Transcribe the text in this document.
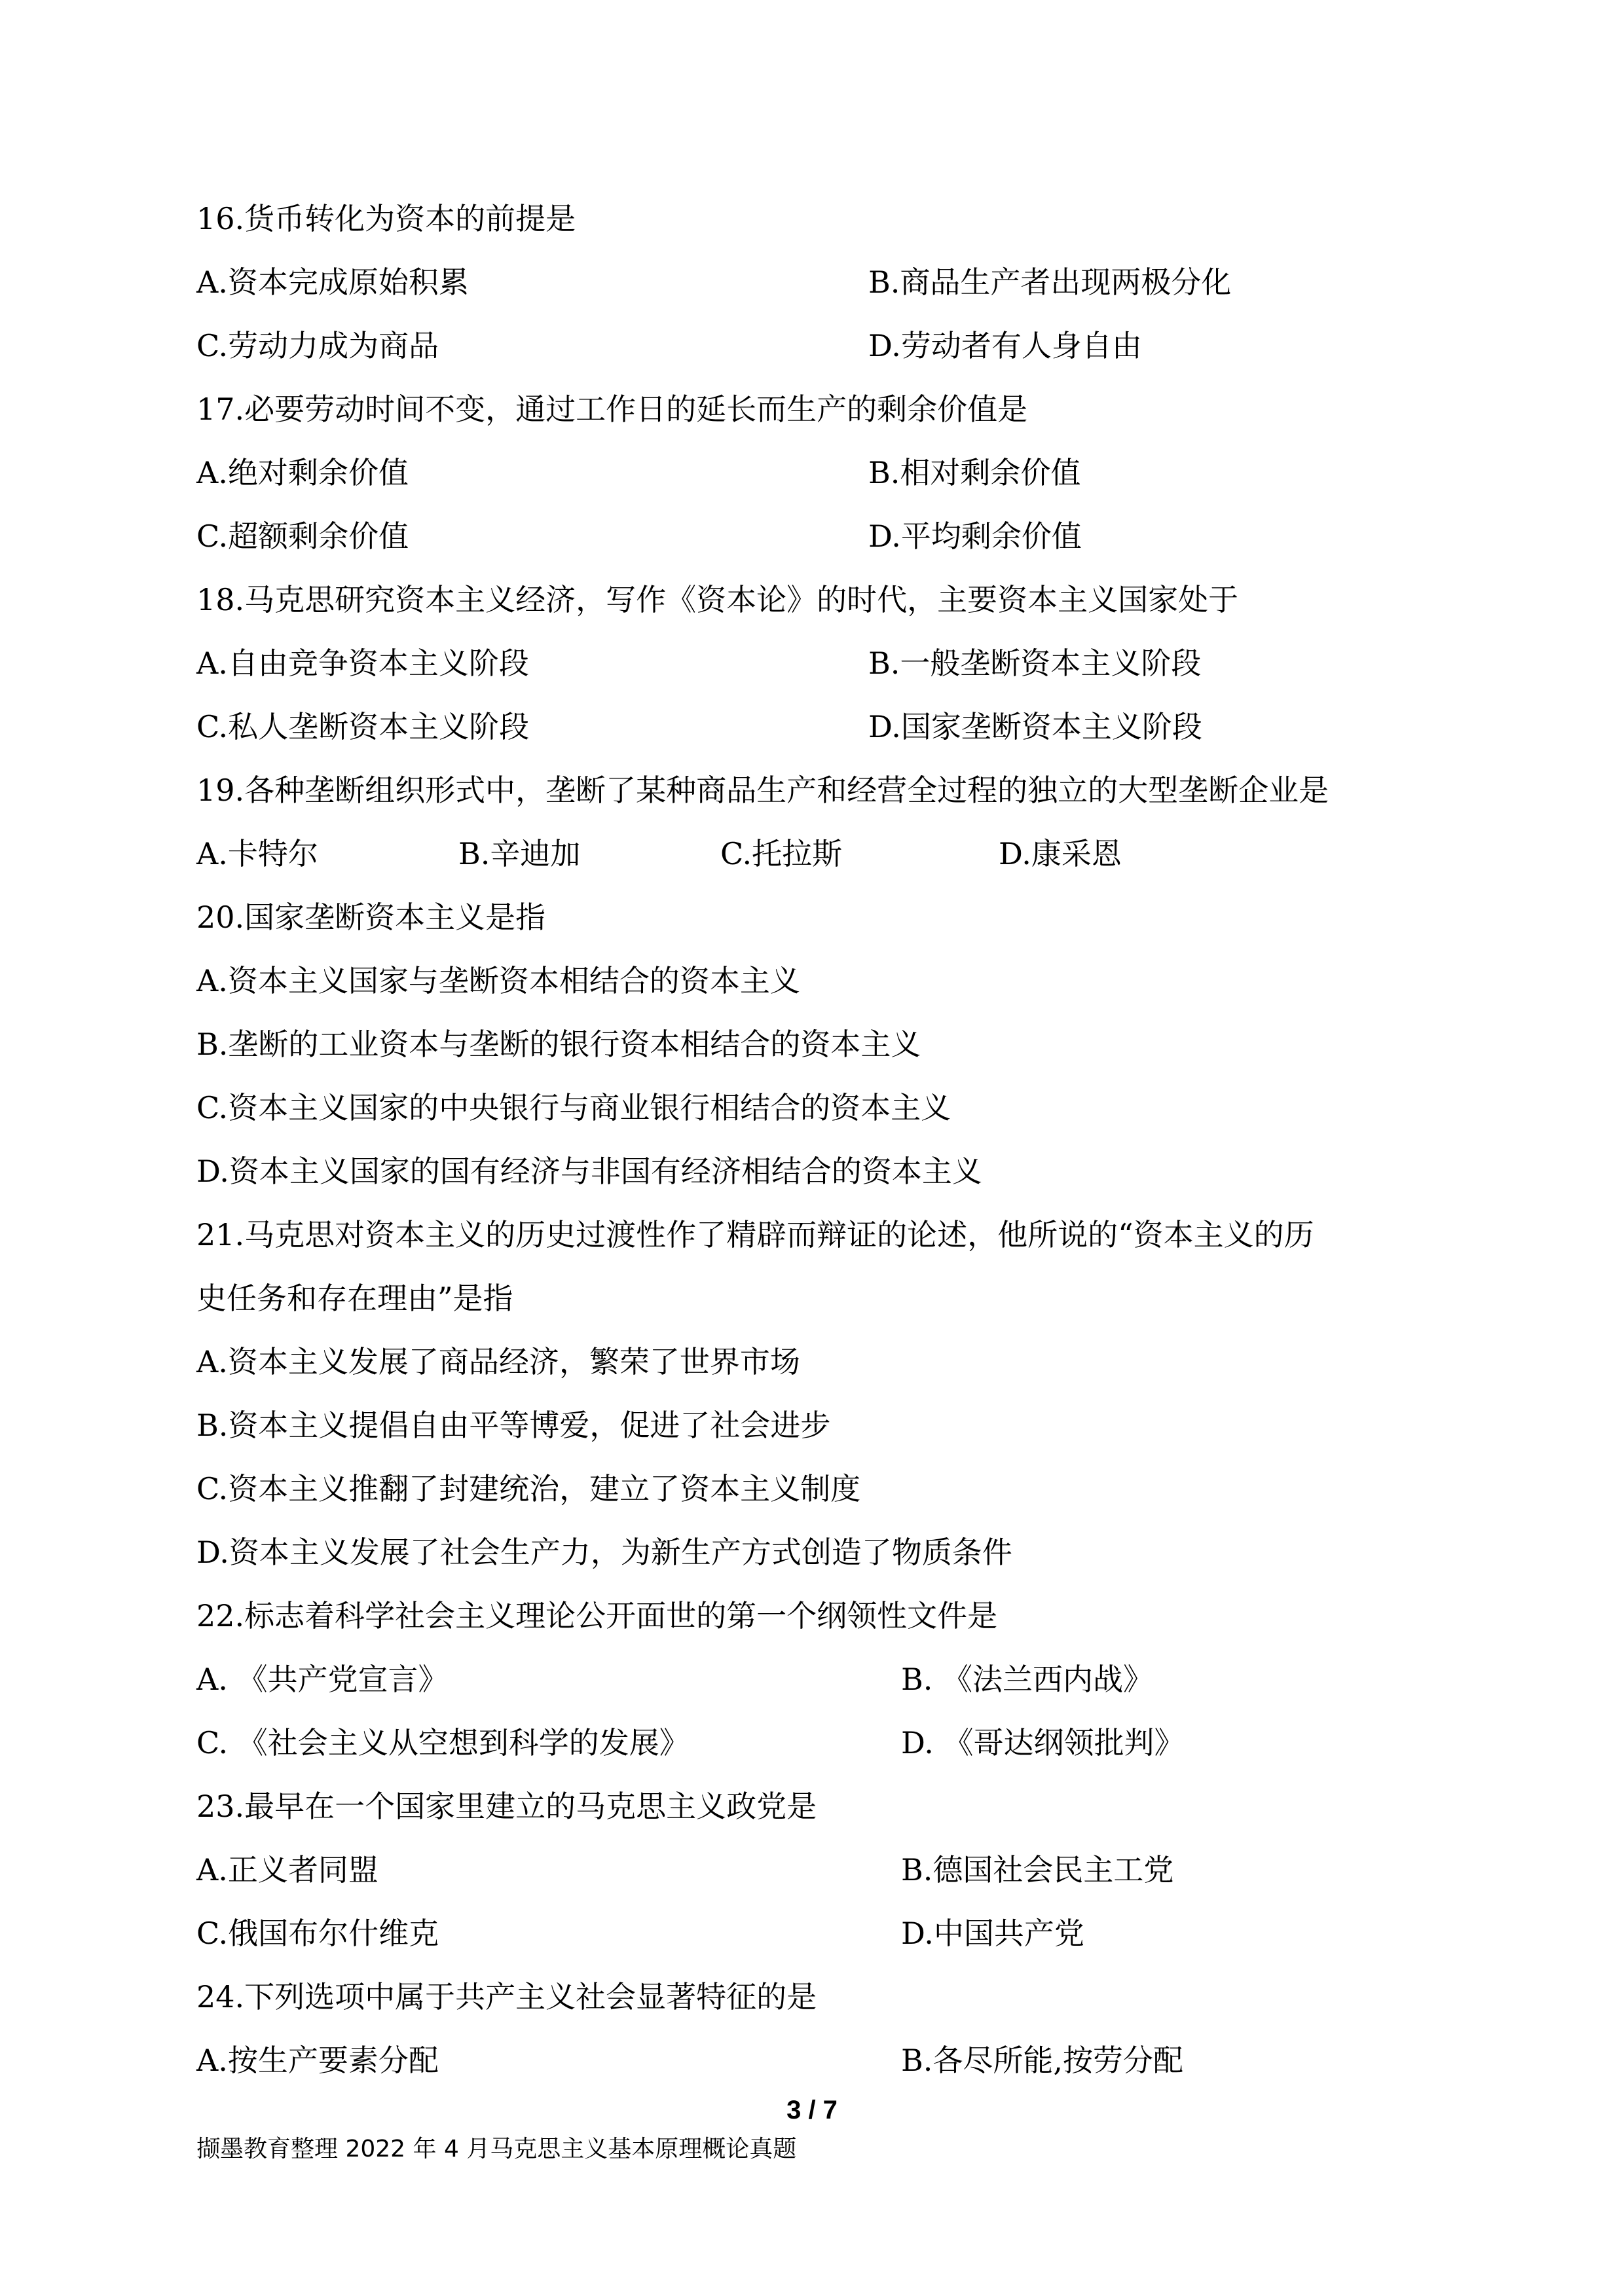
16.货币转化为资本的前提是
A.资本完成原始积累	B.商品生产者出现两极分化
C.劳动力成为商品	D.劳动者有人身自由
17.必要劳动时间不变，通过工作日的延长而生产的剩余价值是
A.绝对剩余价值	B.相对剩余价值
C.超额剩余价值	D.平均剩余价值
18.马克思研究资本主义经济，写作《资本论》的时代，主要资本主义国家处于
A.自由竞争资本主义阶段	B.一般垄断资本主义阶段
C.私人垄断资本主义阶段	D.国家垄断资本主义阶段
19.各种垄断组织形式中，垄断了某种商品生产和经营全过程的独立的大型垄断企业是
A.卡特尔	B.辛迪加	C.托拉斯	D.康采恩
20.国家垄断资本主义是指
A.资本主义国家与垄断资本相结合的资本主义
B.垄断的工业资本与垄断的银行资本相结合的资本主义
C.资本主义国家的中央银行与商业银行相结合的资本主义
D.资本主义国家的国有经济与非国有经济相结合的资本主义
21.马克思对资本主义的历史过渡性作了精辟而辩证的论述，他所说的“资本主义的历
史任务和存在理由”是指
A.资本主义发展了商品经济，繁荣了世界市场
B.资本主义提倡自由平等博爱，促进了社会进步
C.资本主义推翻了封建统治，建立了资本主义制度
D.资本主义发展了社会生产力，为新生产方式创造了物质条件
22.标志着科学社会主义理论公开面世的第一个纲领性文件是
A. 《共产党宣言》	B. 《法兰西内战》
C. 《社会主义从空想到科学的发展》	D. 《哥达纲领批判》
23.最早在一个国家里建立的马克思主义政党是
A.正义者同盟	B.德国社会民主工党
C.俄国布尔什维克	D.中国共产党
24.下列选项中属于共产主义社会显著特征的是
A.按生产要素分配	B.各尽所能,按劳分配
3 / 7
撷墨教育整理 2022 年 4 月马克思主义基本原理概论真题
